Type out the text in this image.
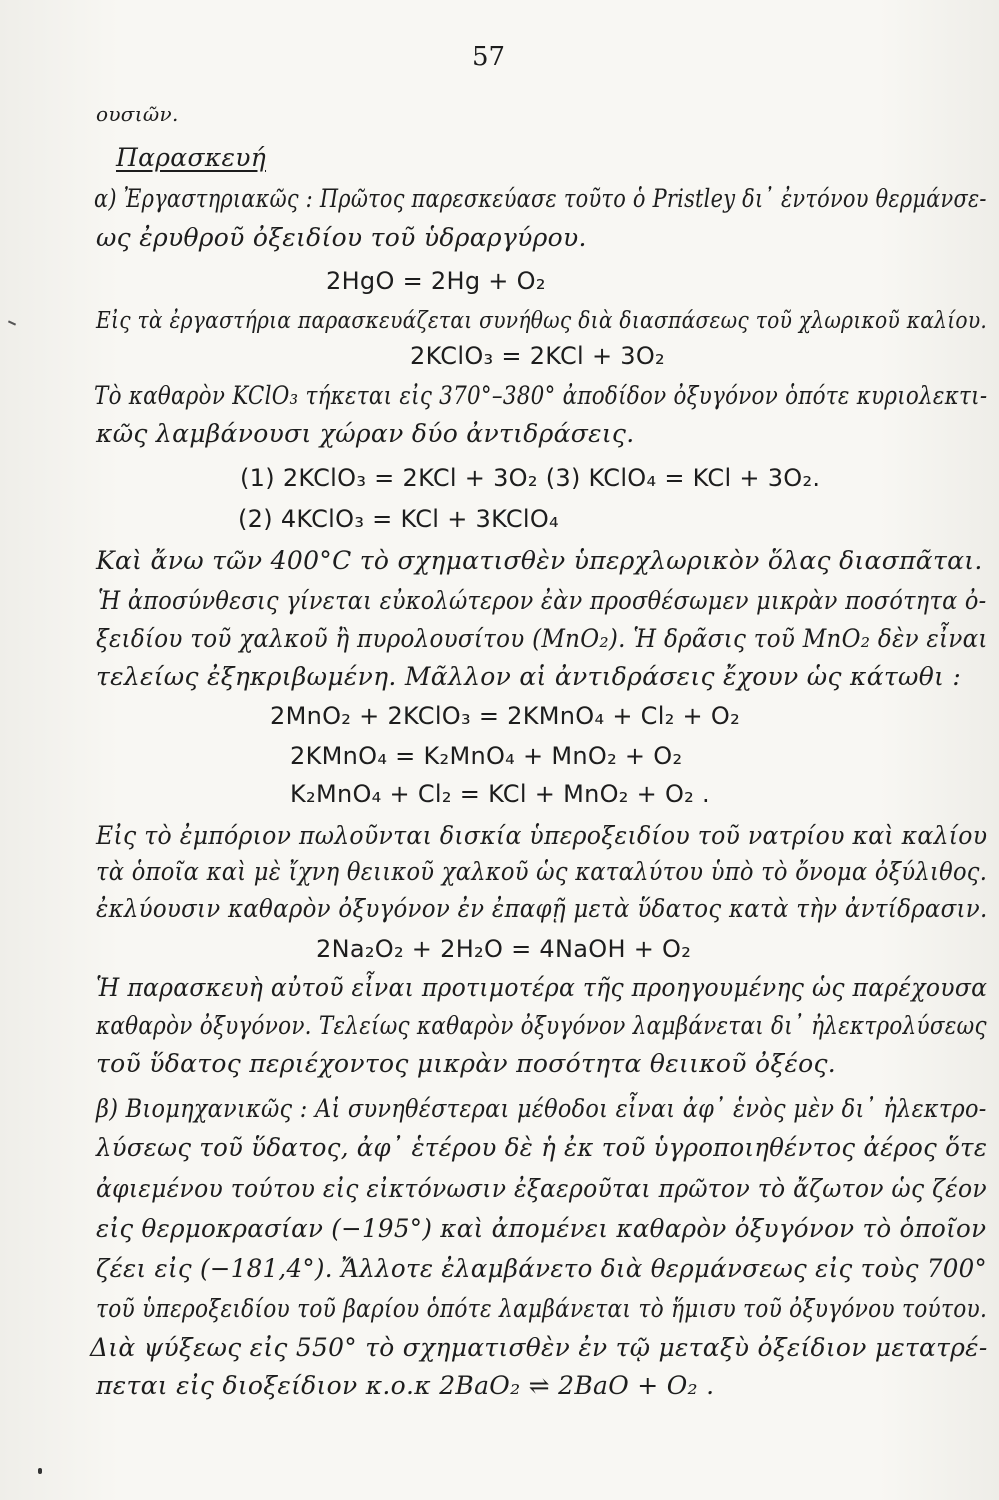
57
ουσιῶν.
Παρασκευή
α) Ἐργαστηριακῶς : Πρῶτος παρεσκεύασε τοῦτο ὁ Pristley δι᾿ ἐντόνου θερμάνσε-
ως ἐρυθροῦ ὀξειδίου τοῦ ὑδραργύρου.
2HgO = 2Hg + O₂
Εἰς τὰ ἐργαστήρια παρασκευάζεται συνήθως διὰ διασπάσεως τοῦ χλωρικοῦ καλίου.
2KClO₃ = 2KCl + 3O₂
Τὸ καθαρὸν KClO₃ τήκεται εἰς 370°–380° ἀποδίδον ὀξυγόνον ὁπότε κυριολεκτι-
κῶς λαμβάνουσι χώραν δύο ἀντιδράσεις.
(1) 2KClO₃ = 2KCl + 3O₂ (3) KClO₄ = KCl + 3O₂.
(2) 4KClO₃ = KCl + 3KClO₄
Καὶ ἄνω τῶν 400°C τὸ σχηματισθὲν ὑπερχλωρικὸν ὅλας διασπᾶται.
Ἡ ἀποσύνθεσις γίνεται εὐκολώτερον ἐὰν προσθέσωμεν μικρὰν ποσότητα ὀ-
ξειδίου τοῦ χαλκοῦ ἢ πυρολουσίτου (MnO₂). Ἡ δρᾶσις τοῦ MnO₂ δὲν εἶναι
τελείως ἐξηκριβωμένη. Μᾶλλον αἱ ἀντιδράσεις ἔχουν ὡς κάτωθι :
2MnO₂ + 2KClO₃ = 2KMnO₄ + Cl₂ + O₂
2KMnO₄ = K₂MnO₄ + MnO₂ + O₂
K₂MnO₄ + Cl₂ = KCl + MnO₂ + O₂ .
Εἰς τὸ ἐμπόριον πωλοῦνται δισκία ὑπεροξειδίου τοῦ νατρίου καὶ καλίου
τὰ ὁποῖα καὶ μὲ ἴχνη θειικοῦ χαλκοῦ ὡς καταλύτου ὑπὸ τὸ ὄνομα ὀξύλιθος.
ἐκλύουσιν καθαρὸν ὀξυγόνον ἐν ἐπαφῇ μετὰ ὕδατος κατὰ τὴν ἀντίδρασιν.
2Na₂O₂ + 2H₂O = 4NaOH + O₂
Ἡ παρασκευὴ αὐτοῦ εἶναι προτιμοτέρα τῆς προηγουμένης ὡς παρέχουσα
καθαρὸν ὀξυγόνον. Τελείως καθαρὸν ὀξυγόνον λαμβάνεται δι᾿ ἠλεκτρολύσεως
τοῦ ὕδατος περιέχοντος μικρὰν ποσότητα θειικοῦ ὀξέος.
β) Βιομηχανικῶς : Αἱ συνηθέστεραι μέθοδοι εἶναι ἀφ᾿ ἑνὸς μὲν δι᾿ ἠλεκτρο-
λύσεως τοῦ ὕδατος, ἀφ᾿ ἑτέρου δὲ ἡ ἐκ τοῦ ὑγροποιηθέντος ἀέρος ὅτε
ἀφιεμένου τούτου εἰς εἰκτόνωσιν ἐξαεροῦται πρῶτον τὸ ἄζωτον ὡς ζέον
εἰς θερμοκρασίαν (−195°) καὶ ἀπομένει καθαρὸν ὀξυγόνον τὸ ὁποῖον
ζέει εἰς (−181,4°). Ἄλλοτε ἐλαμβάνετο διὰ θερμάνσεως εἰς τοὺς 700°
τοῦ ὑπεροξειδίου τοῦ βαρίου ὁπότε λαμβάνεται τὸ ἥμισυ τοῦ ὀξυγόνου τούτου.
Διὰ ψύξεως εἰς 550° τὸ σχηματισθὲν ἐν τῷ μεταξὺ ὀξείδιον μετατρέ-
πεται εἰς διοξείδιον κ.ο.κ 2BaO₂ ⇌ 2BaO + O₂ .
